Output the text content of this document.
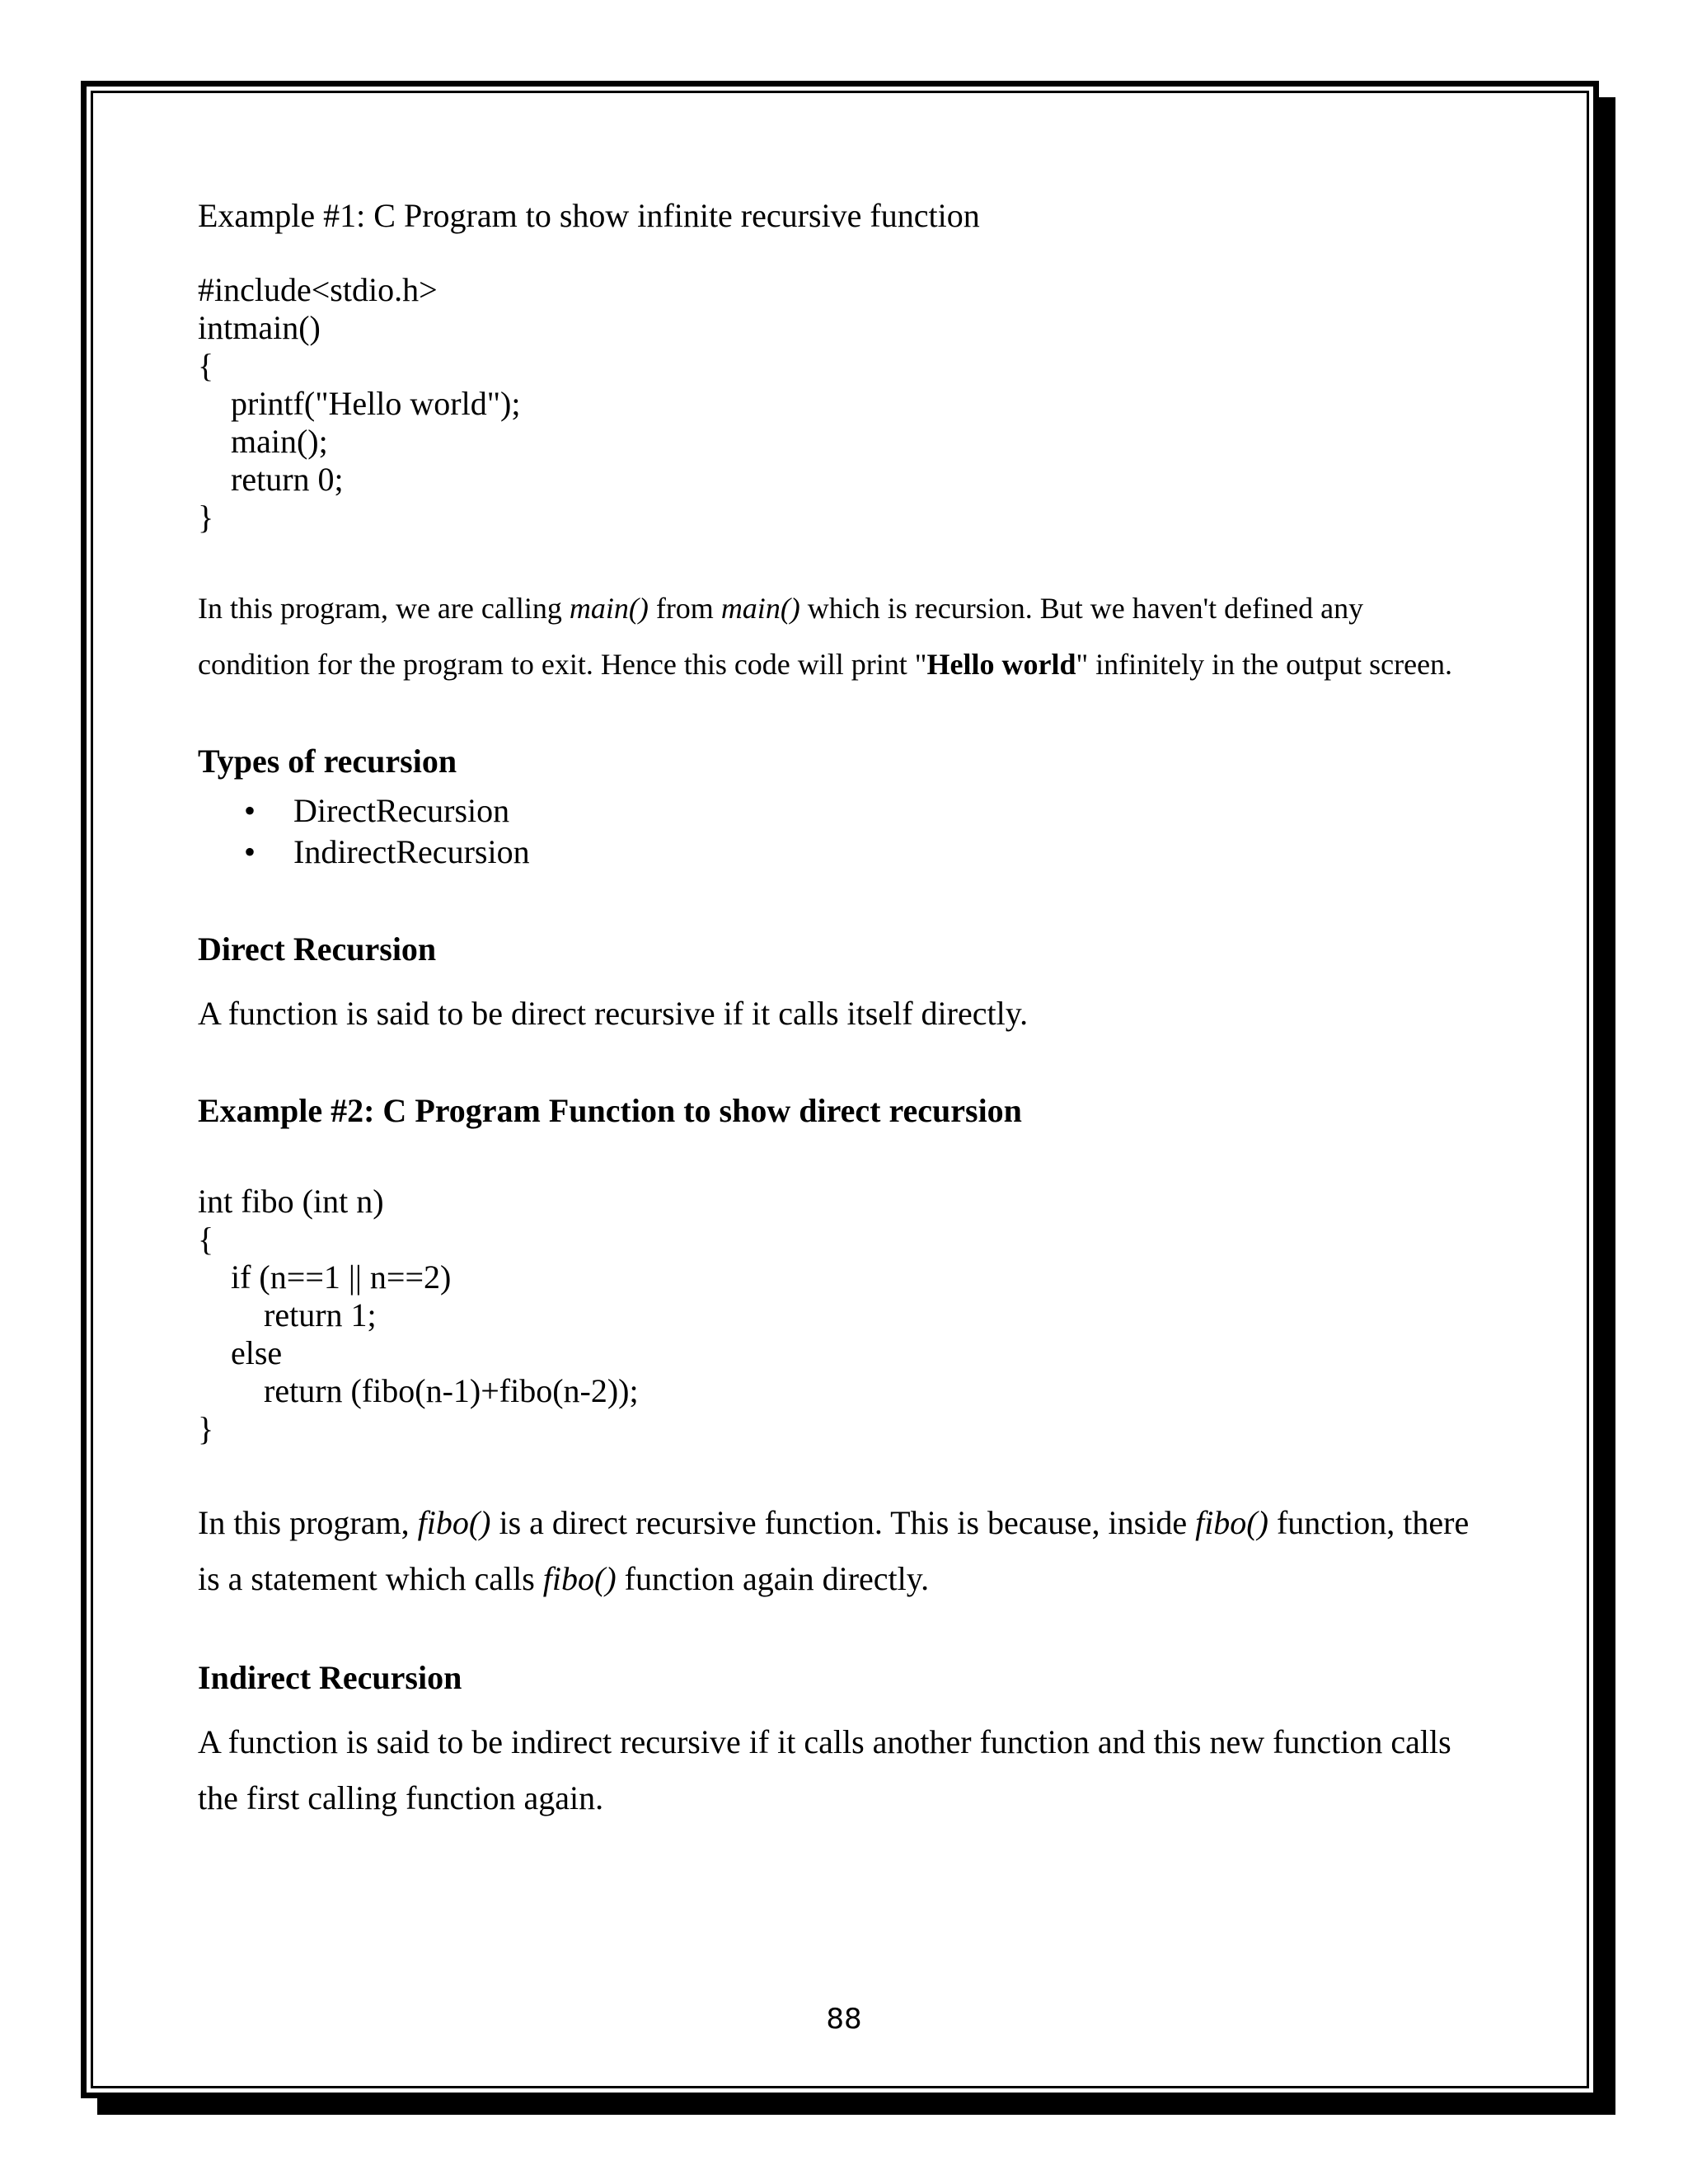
Example #1: C Program to show infinite recursive function
#include<stdio.h>
intmain()
{
printf("Hello world");
main();
return 0;
}
In this program, we are calling main() from main() which is recursion. But we haven't defined any
condition for the program to exit. Hence this code will print "Hello world" infinitely in the output screen.
Types of recursion
• DirectRecursion
• IndirectRecursion
Direct Recursion
A function is said to be direct recursive if it calls itself directly.
Example #2: C Program Function to show direct recursion
int fibo (int n)
{
if (n==1 || n==2)
return 1;
else
return (fibo(n-1)+fibo(n-2));
}
In this program, fibo() is a direct recursive function. This is because, inside fibo() function, there
is a statement which calls fibo() function again directly.
Indirect Recursion
A function is said to be indirect recursive if it calls another function and this new function calls
the first calling function again.
88
